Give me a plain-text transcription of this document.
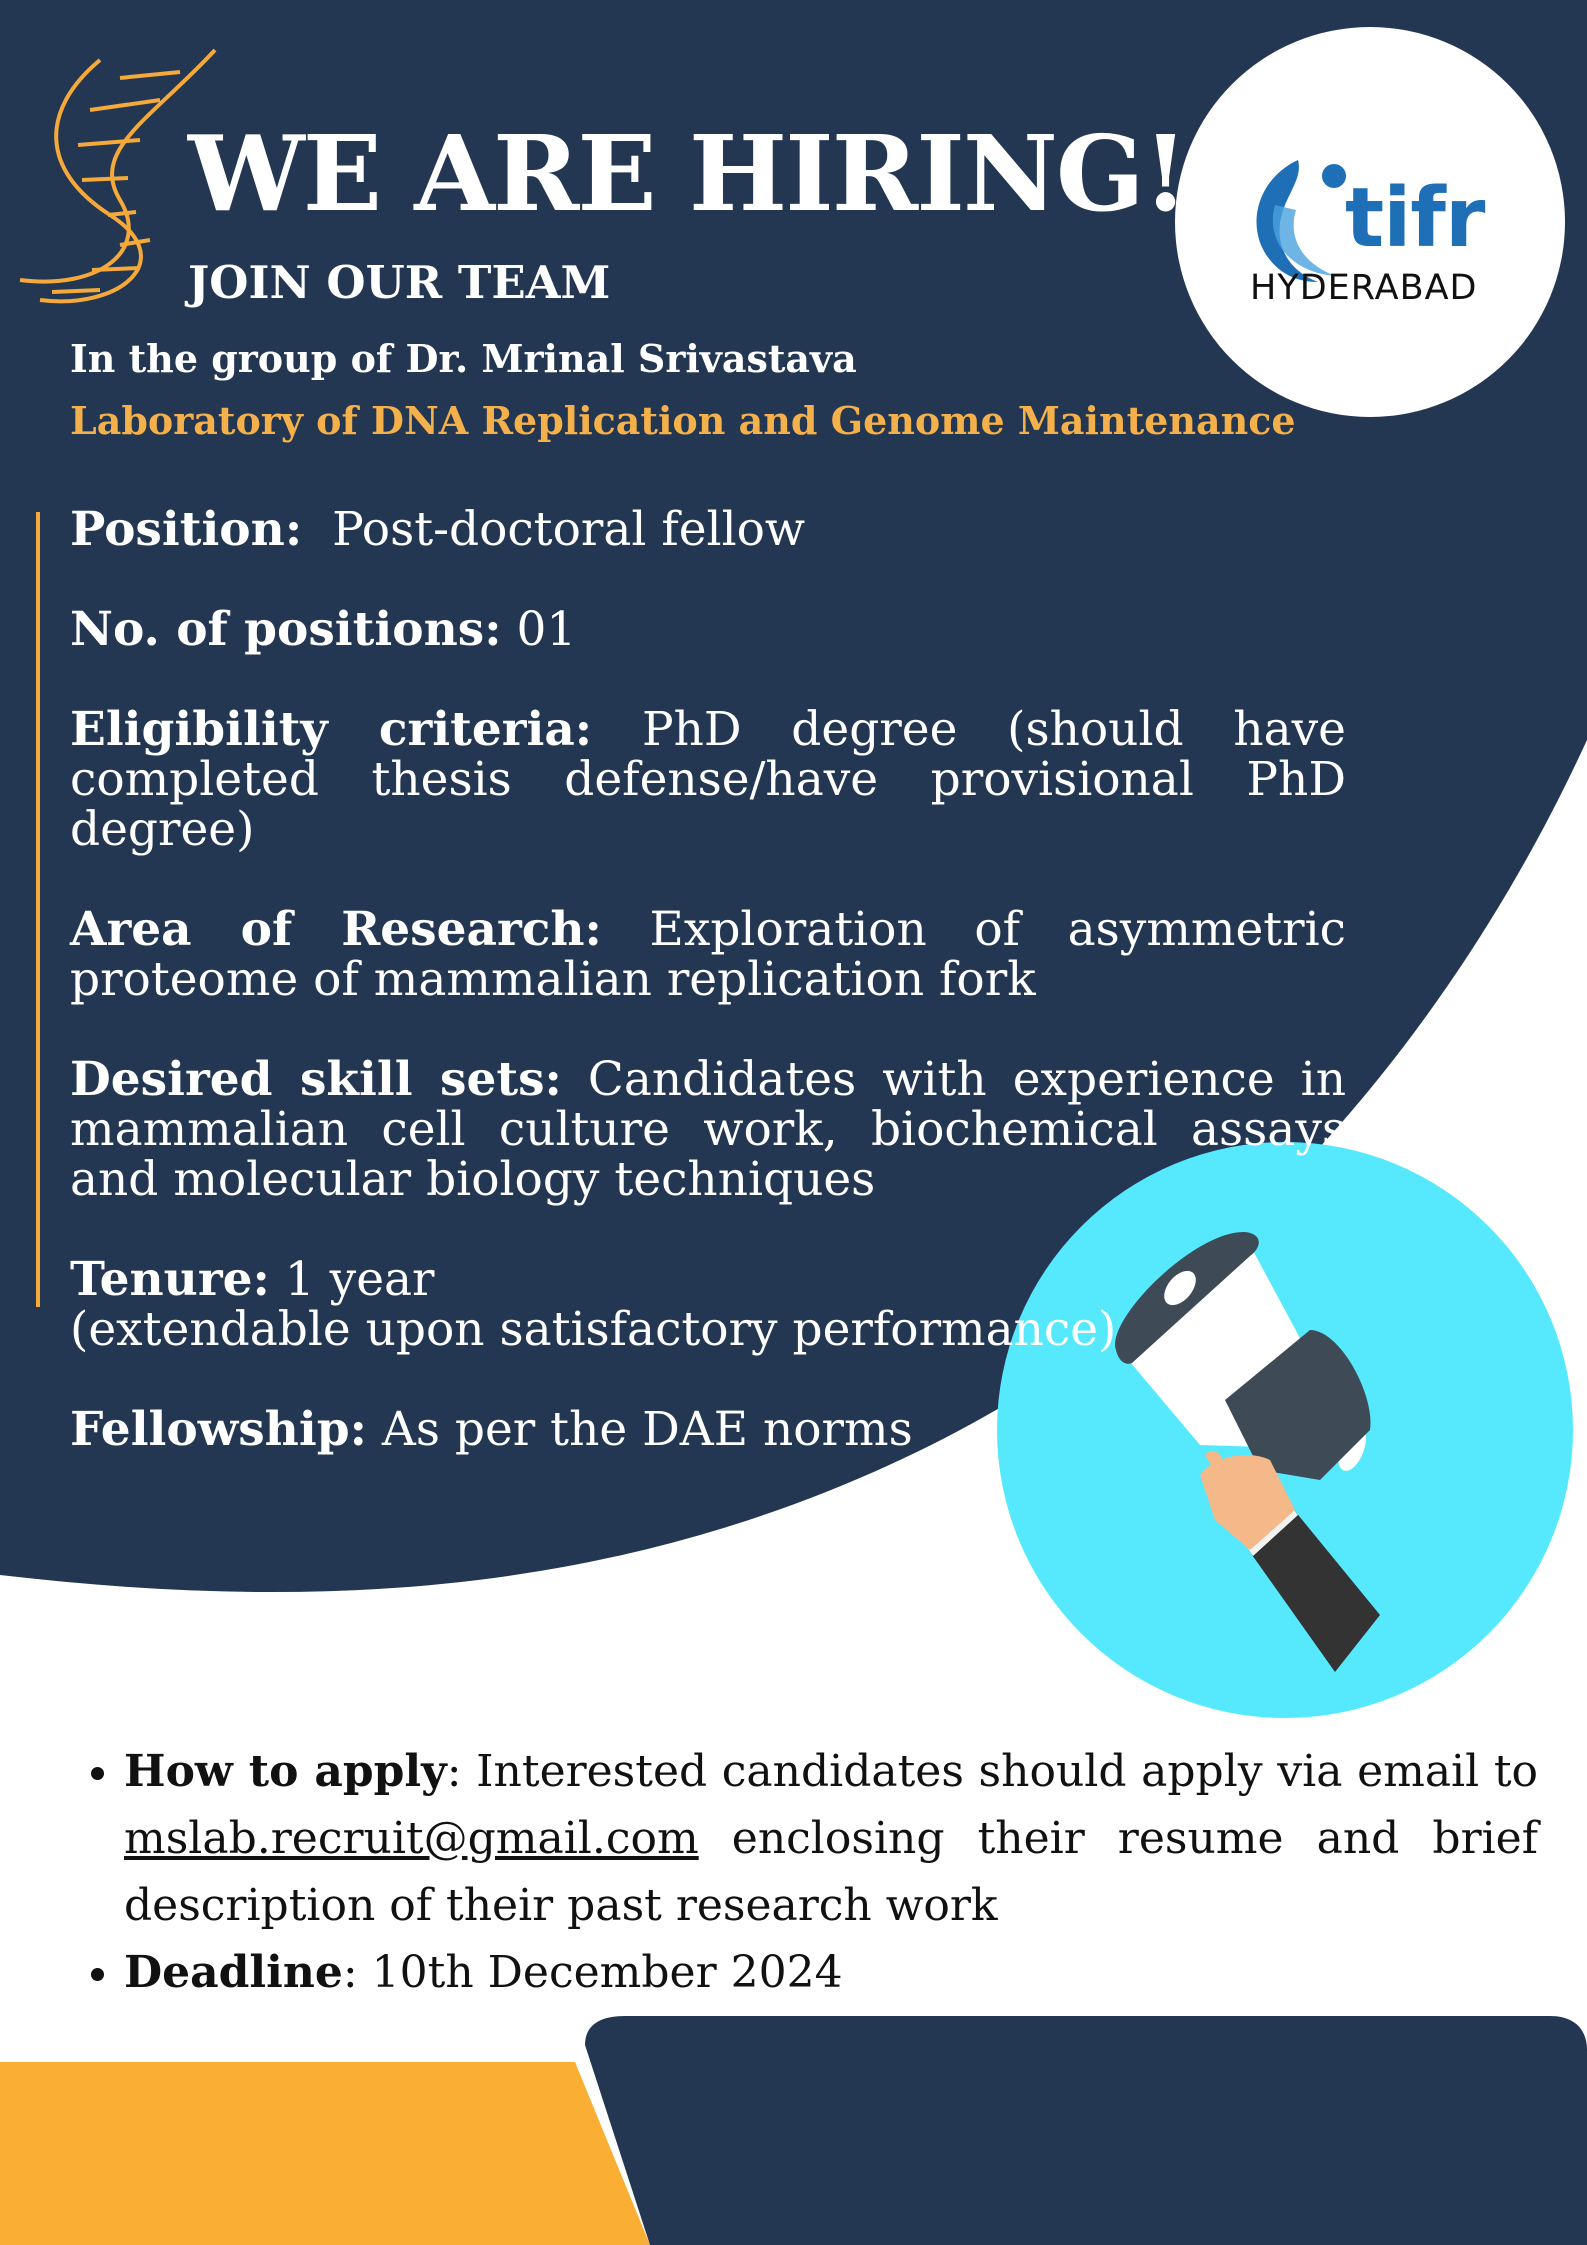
WE ARE HIRING!
JOIN OUR TEAM
In the group of Dr. Mrinal Srivastava
Laboratory of DNA Replication and Genome Maintenance
tifr
HYDERABAD

Position: Post-doctoral fellow

No. of positions: 01

Eligibility criteria: PhD degree (should have completed thesis defense/have provisional PhD degree)

Area of Research: Exploration of asymmetric proteome of mammalian replication fork

Desired skill sets: Candidates with experience in mammalian cell culture work, biochemical assays and molecular biology techniques

Tenure: 1 year
(extendable upon satisfactory performance)

Fellowship: As per the DAE norms

• How to apply: Interested candidates should apply via email to mslab.recruit@gmail.com enclosing their resume and brief description of their past research work
• Deadline: 10th December 2024
